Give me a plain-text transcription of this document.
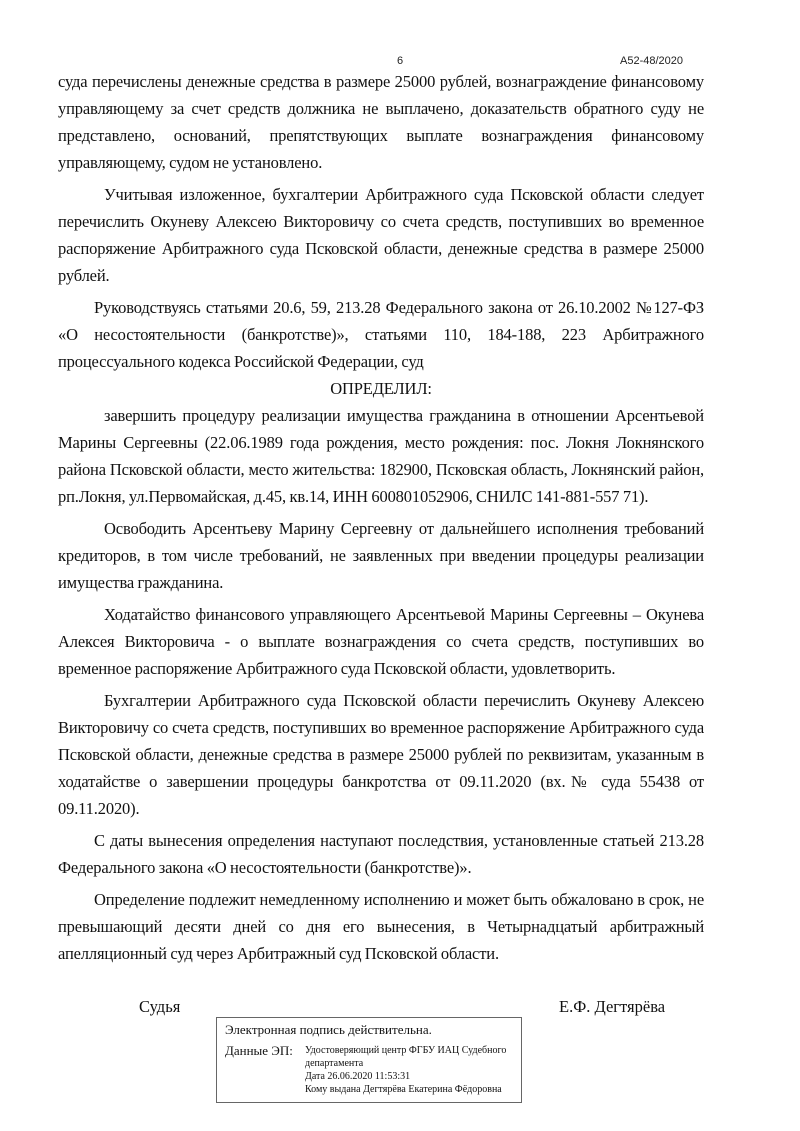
6	А52-48/2020

суда перечислены денежные средства в размере 25000 рублей, вознаграждение финансовому управляющему за счет средств должника не выплачено, доказательств обратного суду не представлено, оснований, препятствующих выплате вознаграждения финансовому управляющему, судом не установлено.

Учитывая изложенное, бухгалтерии Арбитражного суда Псковской области следует перечислить Окуневу Алексею Викторовичу со счета средств, поступивших во временное распоряжение Арбитражного суда Псковской области, денежные средства в размере 25000 рублей.

Руководствуясь статьями 20.6, 59, 213.28 Федерального закона от 26.10.2002 №127-ФЗ «О несостоятельности (банкротстве)», статьями 110, 184-188, 223 Арбитражного процессуального кодекса Российской Федерации, суд

ОПРЕДЕЛИЛ:

завершить процедуру реализации имущества гражданина в отношении Арсентьевой Марины Сергеевны (22.06.1989 года рождения, место рождения: пос. Локня Локнянского района Псковской области, место жительства: 182900, Псковская область, Локнянский район, рп.Локня, ул.Первомайская, д.45, кв.14, ИНН 600801052906, СНИЛС 141-881-557 71).

Освободить Арсентьеву Марину Сергеевну от дальнейшего исполнения требований кредиторов, в том числе требований, не заявленных при введении процедуры реализации имущества гражданина.

Ходатайство финансового управляющего Арсентьевой Марины Сергеевны – Окунева Алексея Викторовича - о выплате вознаграждения со счета средств, поступивших во временное распоряжение Арбитражного суда Псковской области, удовлетворить.

Бухгалтерии Арбитражного суда Псковской области перечислить Окуневу Алексею Викторовичу со счета средств, поступивших во временное распоряжение Арбитражного суда Псковской области, денежные средства в размере 25000 рублей по реквизитам, указанным в ходатайстве о завершении процедуры банкротства от 09.11.2020 (вх.№ суда 55438 от 09.11.2020).

С даты вынесения определения наступают последствия, установленные статьей 213.28 Федерального закона «О несостоятельности (банкротстве)».

Определение подлежит немедленному исполнению и может быть обжаловано в срок, не превышающий десяти дней со дня его вынесения, в Четырнадцатый арбитражный апелляционный суд через Арбитражный суд Псковской области.

Судья	Е.Ф. Дегтярёва
Электронная подпись действительна.
Данные ЭП: Удостоверяющий центр ФГБУ ИАЦ Судебного
департамента
Дата 26.06.2020 11:53:31
Кому выдана Дегтярёва Екатерина Фёдоровна
